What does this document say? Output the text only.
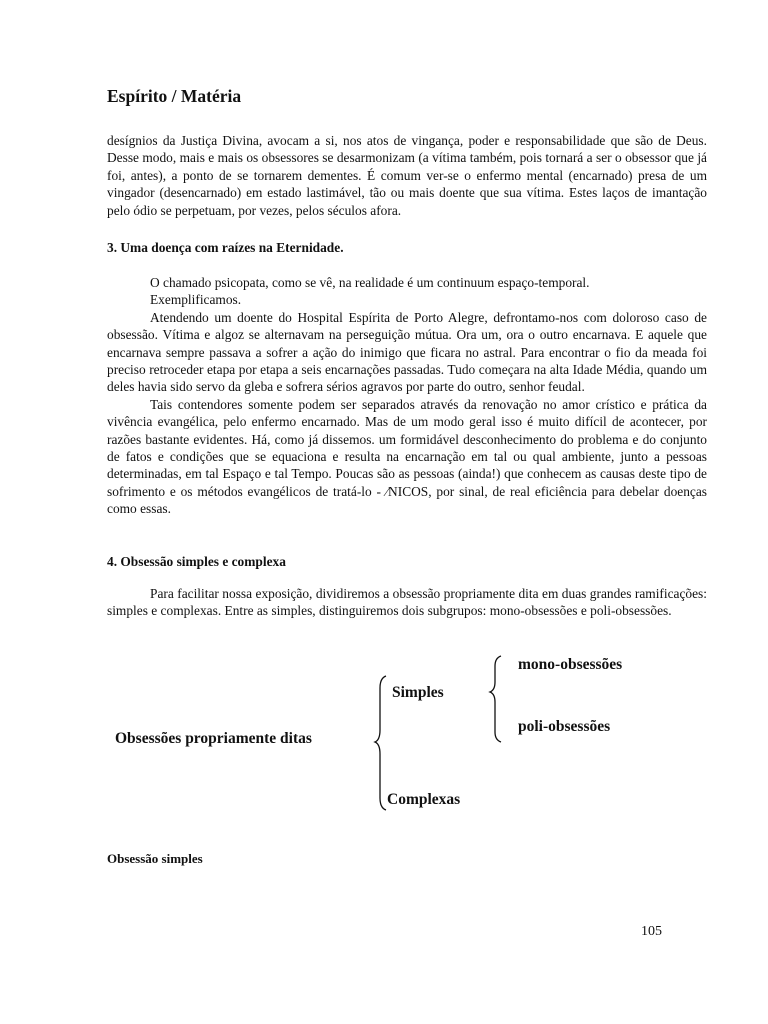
Espírito / Matéria

desígnios da Justiça Divina, avocam a si, nos atos de vingança, poder e responsabilidade que são de Deus. Desse modo, mais e mais os obsessores se desarmonizam (a vítima também, pois tornará a ser o obsessor que já foi, antes), a ponto de se tornarem dementes. É comum ver-se o enfermo mental (encarnado) presa de um vingador (desencarnado) em estado lastimável, tão ou mais doente que sua vítima. Estes laços de imantação pelo ódio se perpetuam, por vezes, pelos séculos afora.

3. Uma doença com raízes na Eternidade.

O chamado psicopata, como se vê, na realidade é um continuum espaço-temporal.

Exemplificamos.

Atendendo um doente do Hospital Espírita de Porto Alegre, defrontamo-nos com doloroso caso de obsessão. Vítima e algoz se alternavam na perseguição mútua. Ora um, ora o outro encarnava. E aquele que encarnava sempre passava a sofrer a ação do inimigo que ficara no astral. Para encontrar o fio da meada foi preciso retroceder etapa por etapa a seis encarnações passadas. Tudo começara na alta Idade Média, quando um deles havia sido servo da gleba e sofrera sérios agravos por parte do outro, senhor feudal.

Tais contendores somente podem ser separados através da renovação no amor crístico e prática da vivência evangélica, pelo enfermo encarnado. Mas de um modo geral isso é muito difícil de acontecer, por razões bastante evidentes. Há, como já dissemos. um formidável desconhecimento do problema e do conjunto de fatos e condições que se equaciona e resulta na encarnação em tal ou qual ambiente, junto a pessoas determinadas, em tal Espaço e tal Tempo. Poucas são as pessoas (ainda!) que conhecem as causas deste tipo de sofrimento e os métodos evangélicos de tratá-lo - ⁄NICOS, por sinal, de real eficiência para debelar doenças como essas.

4. Obsessão simples e complexa

Para facilitar nossa exposição, dividiremos a obsessão propriamente dita em duas grandes ramificações: simples e complexas. Entre as simples, distinguiremos dois subgrupos: mono-obsessões e poli-obsessões.

mono-obsessões
Simples
poli-obsessões
Obsessões propriamente ditas
Complexas
Obsessão simples
105
